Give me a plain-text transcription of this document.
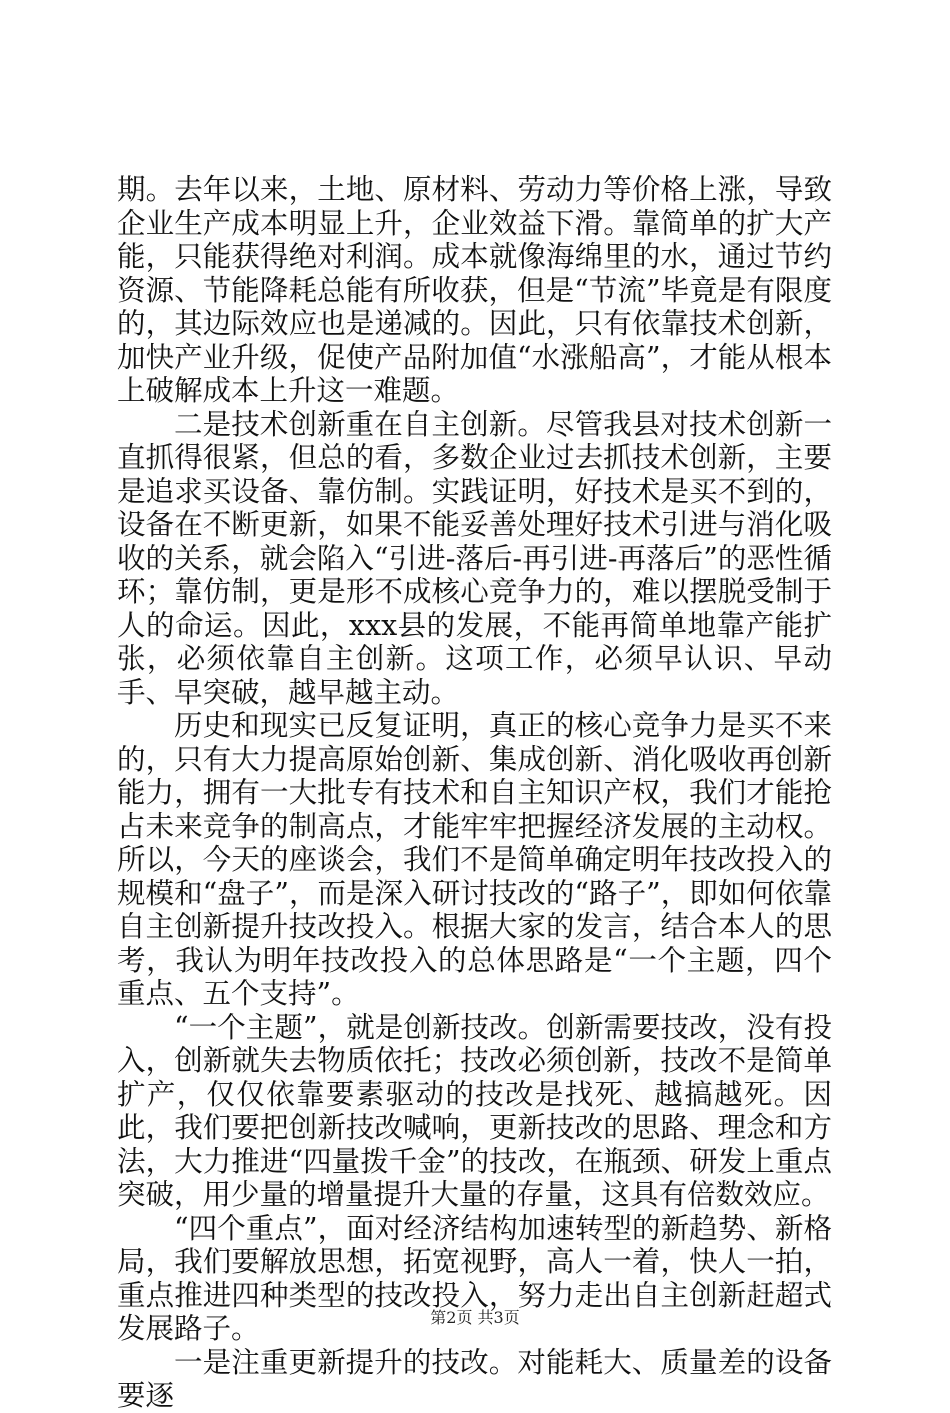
期。去年以来，土地、原材料、劳动力等价格上涨，导致企业生产成本明显上升，企业效益下滑。靠简单的扩大产能，只能获得绝对利润。成本就像海绵里的水，通过节约资源、节能降耗总能有所收获，但是“节流”毕竟是有限度的，其边际效应也是递减的。因此，只有依靠技术创新，加快产业升级，促使产品附加值“水涨船高”，才能从根本上破解成本上升这一难题。

二是技术创新重在自主创新。尽管我县对技术创新一直抓得很紧，但总的看，多数企业过去抓技术创新，主要是追求买设备、靠仿制。实践证明，好技术是买不到的，设备在不断更新，如果不能妥善处理好技术引进与消化吸收的关系，就会陷入“引进-落后-再引进-再落后”的恶性循环；靠仿制，更是形不成核心竞争力的，难以摆脱受制于人的命运。因此，xxx县的发展，不能再简单地靠产能扩张，必须依靠自主创新。这项工作，必须早认识、早动手、早突破，越早越主动。

历史和现实已反复证明，真正的核心竞争力是买不来的，只有大力提高原始创新、集成创新、消化吸收再创新能力，拥有一大批专有技术和自主知识产权，我们才能抢占未来竞争的制高点，才能牢牢把握经济发展的主动权。所以，今天的座谈会，我们不是简单确定明年技改投入的规模和“盘子”，而是深入研讨技改的“路子”，即如何依靠自主创新提升技改投入。根据大家的发言，结合本人的思考，我认为明年技改投入的总体思路是“一个主题，四个重点、五个支持”。

“一个主题”，就是创新技改。创新需要技改，没有投入，创新就失去物质依托；技改必须创新，技改不是简单扩产，仅仅依靠要素驱动的技改是找死、越搞越死。因此，我们要把创新技改喊响，更新技改的思路、理念和方法，大力推进“四量拨千金”的技改，在瓶颈、研发上重点突破，用少量的增量提升大量的存量，这具有倍数效应。

“四个重点”，面对经济结构加速转型的新趋势、新格局，我们要解放思想，拓宽视野，高人一着，快人一拍，重点推进四种类型的技改投入，努力走出自主创新赶超式发展路子。

一是注重更新提升的技改。对能耗大、质量差的设备要逐

第2页 共3页
